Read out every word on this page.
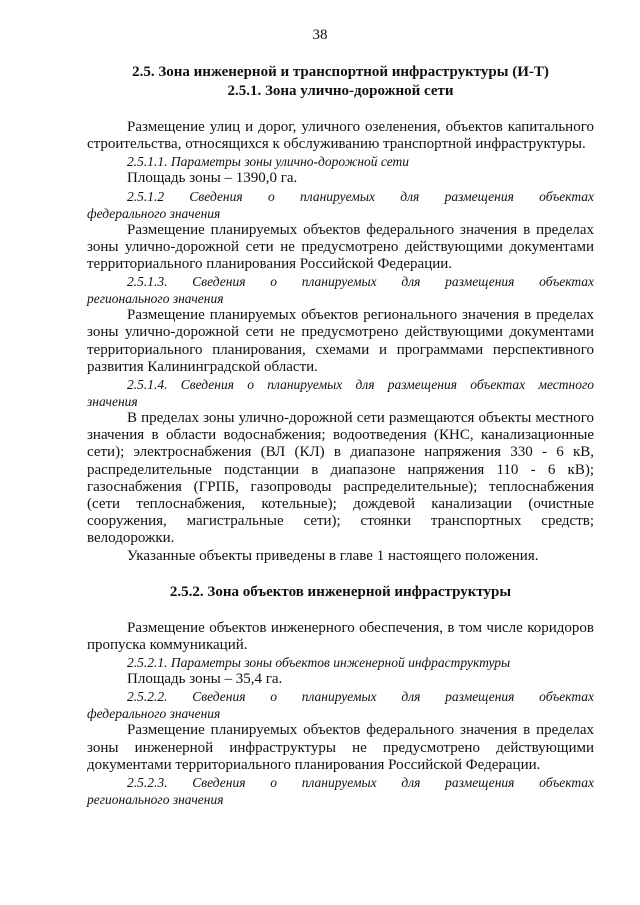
38
2.5. Зона инженерной и транспортной инфраструктуры (И-Т)
2.5.1. Зона улично-дорожной сети

Размещение улиц и дорог, уличного озеленения, объектов капитального строительства, относящихся к обслуживанию транспортной инфраструктуры.

2.5.1.1. Параметры зоны улично-дорожной сети

Площадь зоны – 1390,0 га.

2.5.1.2 Сведения о планируемых для размещения объектах

федерального значения

Размещение планируемых объектов федерального значения в пределах зоны улично-дорожной сети не предусмотрено действующими документами территориального планирования Российской Федерации.

2.5.1.3. Сведения о планируемых для размещения объектах

регионального значения

Размещение планируемых объектов регионального значения в пределах зоны улично-дорожной сети не предусмотрено действующими документами территориального планирования, схемами и программами перспективного развития Калининградской области.

2.5.1.4. Сведения о планируемых для размещения объектах местного

значения

В пределах зоны улично-дорожной сети размещаются объекты местного значения в области водоснабжения; водоотведения (КНС, канализационные сети); электроснабжения (ВЛ (КЛ) в диапазоне напряжения 330 - 6 кВ, распределительные подстанции в диапазоне напряжения 110 - 6 кВ); газоснабжения (ГРПБ, газопроводы распределительные); теплоснабжения (сети теплоснабжения, котельные); дождевой канализации (очистные сооружения, магистральные сети); стоянки транспортных средств; велодорожки.

Указанные объекты приведены в главе 1 настоящего положения.

2.5.2. Зона объектов инженерной инфраструктуры

Размещение объектов инженерного обеспечения, в том числе коридоров пропуска коммуникаций.

2.5.2.1. Параметры зоны объектов инженерной инфраструктуры

Площадь зоны – 35,4 га.

2.5.2.2. Сведения о планируемых для размещения объектах

федерального значения

Размещение планируемых объектов федерального значения в пределах зоны инженерной инфраструктуры не предусмотрено действующими документами территориального планирования Российской Федерации.

2.5.2.3. Сведения о планируемых для размещения объектах

регионального значения
